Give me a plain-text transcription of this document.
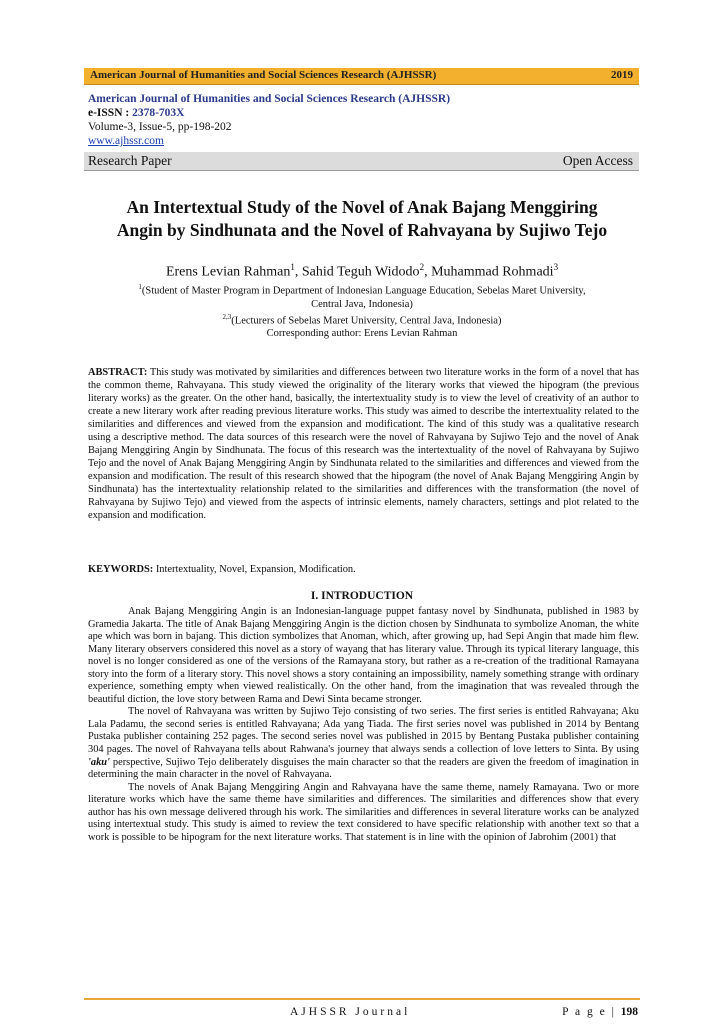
American Journal of Humanities and Social Sciences Research (AJHSSR)	2019
American Journal of Humanities and Social Sciences Research (AJHSSR)
e-ISSN : 2378-703X
Volume-3, Issue-5, pp-198-202
www.ajhssr.com
Research Paper	Open Access
An Intertextual Study of the Novel of Anak Bajang Menggiring
Angin by Sindhunata and the Novel of Rahvayana by Sujiwo Tejo
Erens Levian Rahman$^1$, Sahid Teguh Widodo$^2$, Muhammad Rohmadi$^3$
$^1$(Student of Master Program in Department of Indonesian Language Education, Sebelas Maret University,
Central Java, Indonesia)
$^{2,3}$(Lecturers of Sebelas Maret University, Central Java, Indonesia)
Corresponding author: Erens Levian Rahman
ABSTRACT: This study was motivated by similarities and differences between two literature works in the form of a novel that has the common theme, Rahvayana. This study viewed the originality of the literary works that viewed the hipogram (the previous literary works) as the greater. On the other hand, basically, the intertextuality study is to view the level of creativity of an author to create a new literary work after reading previous literature works. This study was aimed to describe the intertextuality related to the similarities and differences and viewed from the expansion and modificationt. The kind of this study was a qualitative research using a descriptive method. The data sources of this research were the novel of Rahvayana by Sujiwo Tejo and the novel of Anak Bajang Menggiring Angin by Sindhunata. The focus of this research was the intertextuality of the novel of Rahvayana by Sujiwo Tejo and the novel of Anak Bajang Menggiring Angin by Sindhunata related to the similarities and differences and viewed from the expansion and modification. The result of this research showed that the hipogram (the novel of Anak Bajang Menggiring Angin by Sindhunata) has the intertextuality relationship related to the similarities and differences with the transformation (the novel of Rahvayana by Sujiwo Tejo) and viewed from the aspects of intrinsic elements, namely characters, settings and plot related to the expansion and modification.
KEYWORDS: Intertextuality, Novel, Expansion, Modification.
I. INTRODUCTION

Anak Bajang Menggiring Angin is an Indonesian-language puppet fantasy novel by Sindhunata, published in 1983 by Gramedia Jakarta. The title of Anak Bajang Menggiring Angin is the diction chosen by Sindhunata to symbolize Anoman, the white ape which was born in bajang. This diction symbolizes that Anoman, which, after growing up, had Sepi Angin that made him flew. Many literary observers considered this novel as a story of wayang that has literary value. Through its typical literary language, this novel is no longer considered as one of the versions of the Ramayana story, but rather as a re-creation of the traditional Ramayana story into the form of a literary story. This novel shows a story containing an impossibility, namely something strange with ordinary experience, something empty when viewed realistically. On the other hand, from the imagination that was revealed through the beautiful diction, the love story between Rama and Dewi Sinta became stronger.

The novel of Rahvayana was written by Sujiwo Tejo consisting of two series. The first series is entitled Rahvayana; Aku Lala Padamu, the second series is entitled Rahvayana; Ada yang Tiada. The first series novel was published in 2014 by Bentang Pustaka publisher containing 252 pages. The second series novel was published in 2015 by Bentang Pustaka publisher containing 304 pages. The novel of Rahvayana tells about Rahwana's journey that always sends a collection of love letters to Sinta. By using 'aku' perspective, Sujiwo Tejo deliberately disguises the main character so that the readers are given the freedom of imagination in determining the main character in the novel of Rahvayana.

The novels of Anak Bajang Menggiring Angin and Rahvayana have the same theme, namely Ramayana. Two or more literature works which have the same theme have similarities and differences. The similarities and differences show that every author has his own message delivered through his work. The similarities and differences in several literature works can be analyzed using intertextual study. This study is aimed to review the text considered to have specific relationship with another text so that a work is possible to be hipogram for the next literature works. That statement is in line with the opinion of Jabrohim (2001) that

AJHSSR Journal	P a g e | 198
